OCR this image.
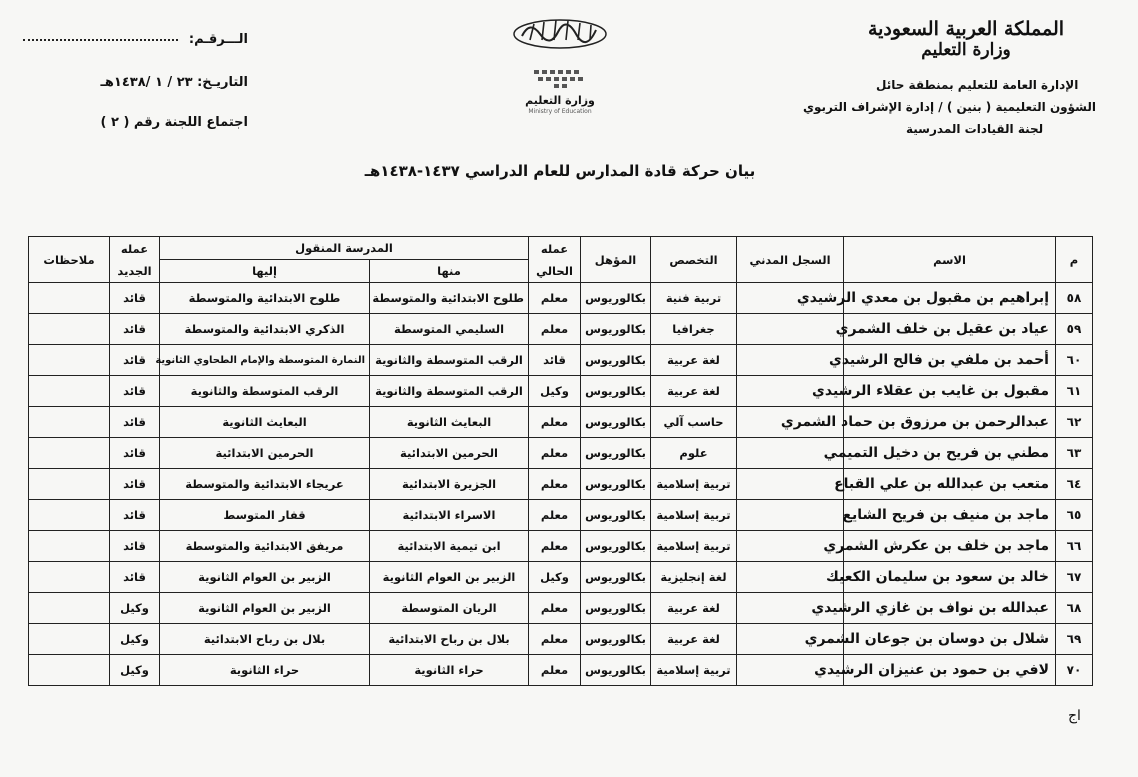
المملكة العربية السعودية
وزارة التعليم
الإدارة العامة للتعليم بمنطقة حائل
الشؤون التعليمية ( بنين ) / إدارة الإشراف التربوي
لجنة القيادات المدرسية
وزارة التعليم
Ministry of Education
الـــرقـم:
التاريـخ: ٢٣ / ١ /١٤٣٨هـ
اجتماع اللجنة رقم ( ٢ )
بيان حركة قادة المدارس للعام الدراسي ١٤٣٧-١٤٣٨هـ
م	الاسم	السجل المدني	التخصص	المؤهل	عمله الحالي	المدرسة المنقول		عمله الجديد	ملاحظات
						منها	إليها		
٥٨	إبراهيم بن مقبول بن معدي الرشيدي		تربية فنية	بكالوريوس	معلم	طلوح الابتدائية والمتوسطة	طلوح الابتدائية والمتوسطة	قائد	
٥٩	عياد بن عقيل بن خلف الشمري		جغرافيا	بكالوريوس	معلم	السليمي المتوسطة	الذكري الابتدائية والمتوسطة	قائد	
٦٠	أحمد بن ملفي بن فالح الرشيدي		لغة عربية	بكالوريوس	قائد	الرقب المتوسطة والثانوية	النمارة المتوسطة والإمام الطحاوي الثانوية	قائد	
٦١	مقبول بن غايب بن عقلاء الرشيدي		لغة عربية	بكالوريوس	وكيل	الرقب المتوسطة والثانوية	الرقب المتوسطة والثانوية	قائد	
٦٢	عبدالرحمن بن مرزوق بن حماد الشمري		حاسب آلي	بكالوريوس	معلم	البعايث الثانوية	البعايث الثانوية	قائد	
٦٣	مطني بن فريح بن دخيل التميمي		علوم	بكالوريوس	معلم	الحرمين الابتدائية	الحرمين الابتدائية	قائد	
٦٤	متعب بن عبدالله بن علي القباع		تربية إسلامية	بكالوريوس	معلم	الجزيرة الابتدائية	عريجاء الابتدائية والمتوسطة	قائد	
٦٥	ماجد بن منيف بن فريح الشايع		تربية إسلامية	بكالوريوس	معلم	الاسراء الابتدائية	قفار المتوسط	قائد	
٦٦	ماجد بن خلف بن عكرش الشمري		تربية إسلامية	بكالوريوس	معلم	ابن تيمية الابتدائية	مريفق الابتدائية والمتوسطة	قائد	
٦٧	خالد بن سعود بن سليمان الكعيك		لغة إنجليزية	بكالوريوس	وكيل	الزبير بن العوام الثانوية	الزبير بن العوام الثانوية	قائد	
٦٨	عبدالله بن نواف بن غازي الرشيدي		لغة عربية	بكالوريوس	معلم	الريان المتوسطة	الزبير بن العوام الثانوية	وكيل	
٦٩	شلال بن دوسان بن جوعان الشمري		لغة عربية	بكالوريوس	معلم	بلال بن رباح الابتدائية	بلال بن رباح الابتدائية	وكيل	
٧٠	لافي بن حمود بن عنيزان الرشيدي		تربية إسلامية	بكالوريوس	معلم	حراء الثانوية	حراء الثانوية	وكيل	
اج
